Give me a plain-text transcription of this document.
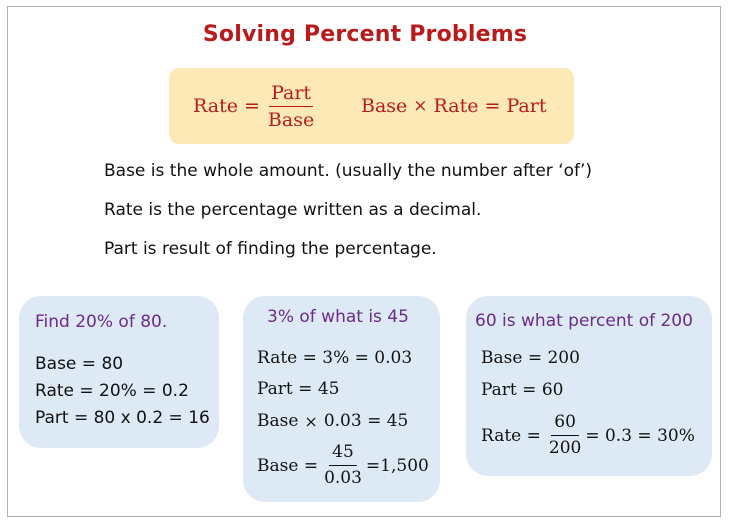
Solving Percent Problems
Rate = $\frac{\text{Part}}{\text{Base}}$ Base × Rate = Part
Base is the whole amount. (usually the number after ‘of’)
Rate is the percentage written as a decimal.
Part is result of finding the percentage.
Find 20% of 80.
Base = 80
Rate = 20% = 0.2
Part = 80 x 0.2 = 16
3% of what is 45
Rate = 3% = 0.03
Part = 45
Base × 0.03 = 45
Base = $\frac{45}{0.03} =1,500$
60 is what percent of 200
Base = 200
Part = 60
Rate = $\frac{60}{200} = 0.3 = 30\%$
